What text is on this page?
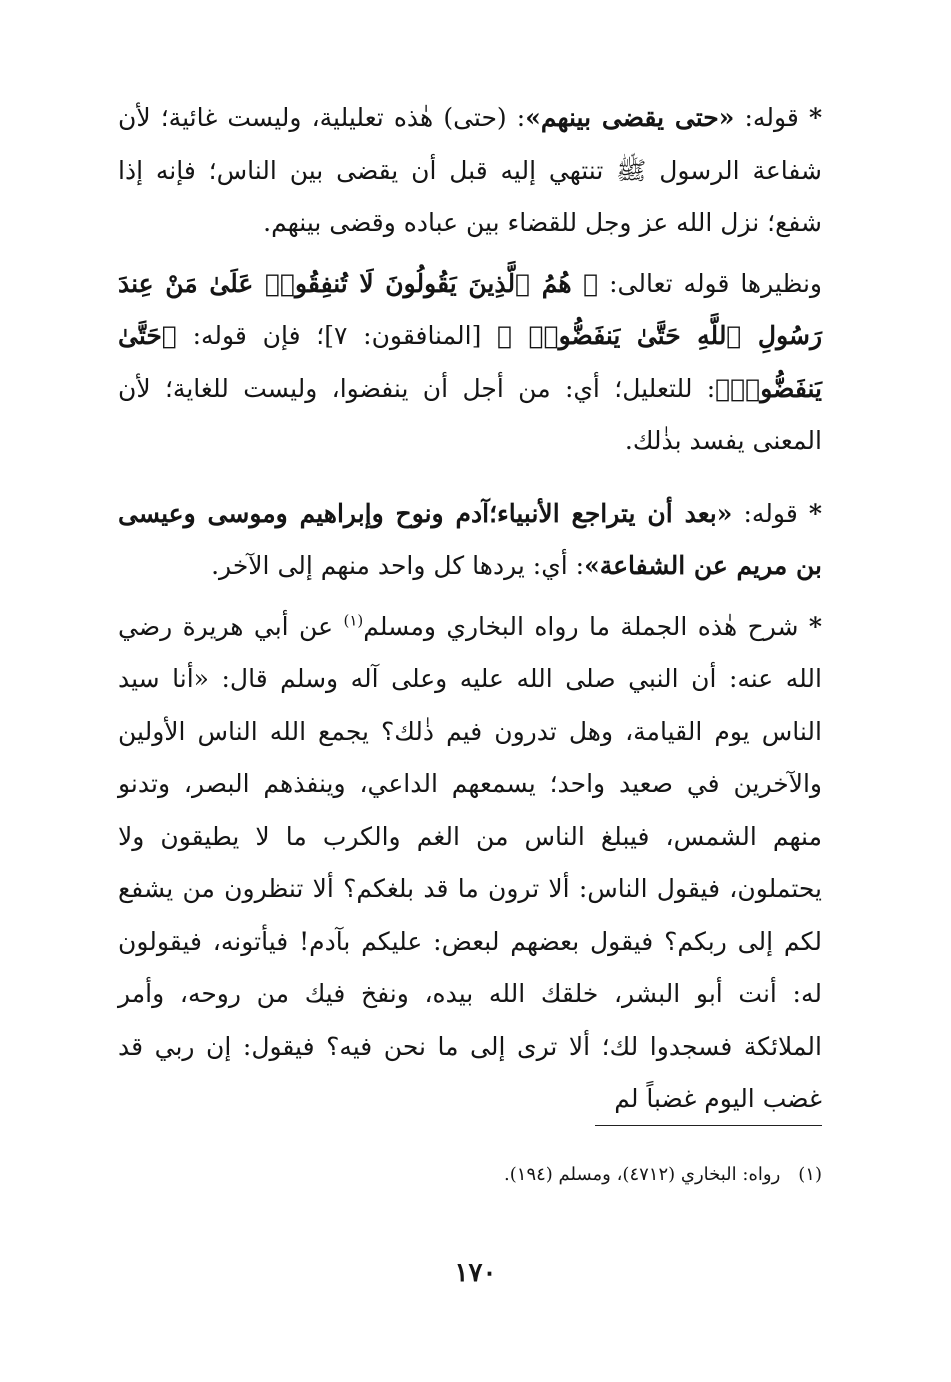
* قوله: «حتى يقضى بينهم»: (حتى) هٰذه تعليلية، وليست غائية؛ لأن شفاعة الرسول ﷺ تنتهي إليه قبل أن يقضى بين الناس؛ فإنه إذا شفع؛ نزل الله عز وجل للقضاء بين عباده وقضى بينهم.

ونظيرها قوله تعالى: ﴿ هُمُ ٱلَّذِينَ يَقُولُونَ لَا تُنفِقُوا۟ عَلَىٰ مَنْ عِندَ رَسُولِ ٱللَّهِ حَتَّىٰ يَنفَضُّوا۟ ﴾ [المنافقون: ٧]؛ فإن قوله: ﴿حَتَّىٰ يَنفَضُّوا۟﴾: للتعليل؛ أي: من أجل أن ينفضوا، وليست للغاية؛ لأن المعنى يفسد بذٰلك.

* قوله: «بعد أن يتراجع الأنبياء؛آدم ونوح وإبراهيم وموسى وعيسى بن مريم عن الشفاعة»: أي: يردها كل واحد منهم إلى الآخر.

* شرح هٰذه الجملة ما رواه البخاري ومسلم$^{(١)}$ عن أبي هريرة رضي الله عنه: أن النبي صلى الله عليه وعلى آله وسلم قال: «أنا سيد الناس يوم القيامة، وهل تدرون فيم ذٰلك؟ يجمع الله الناس الأولين والآخرين في صعيد واحد؛ يسمعهم الداعي، وينفذهم البصر، وتدنو منهم الشمس، فيبلغ الناس من الغم والكرب ما لا يطيقون ولا يحتملون، فيقول الناس: ألا ترون ما قد بلغكم؟ ألا تنظرون من يشفع لكم إلى ربكم؟ فيقول بعضهم لبعض: عليكم بآدم! فيأتونه، فيقولون له: أنت أبو البشر، خلقك الله بيده، ونفخ فيك من روحه، وأمر الملائكة فسجدوا لك؛ ألا ترى إلى ما نحن فيه؟ فيقول: إن ربي قد غضب اليوم غضباً لم

(١)رواه: البخاري (٤٧١٢)، ومسلم (١٩٤).
١٧٠
